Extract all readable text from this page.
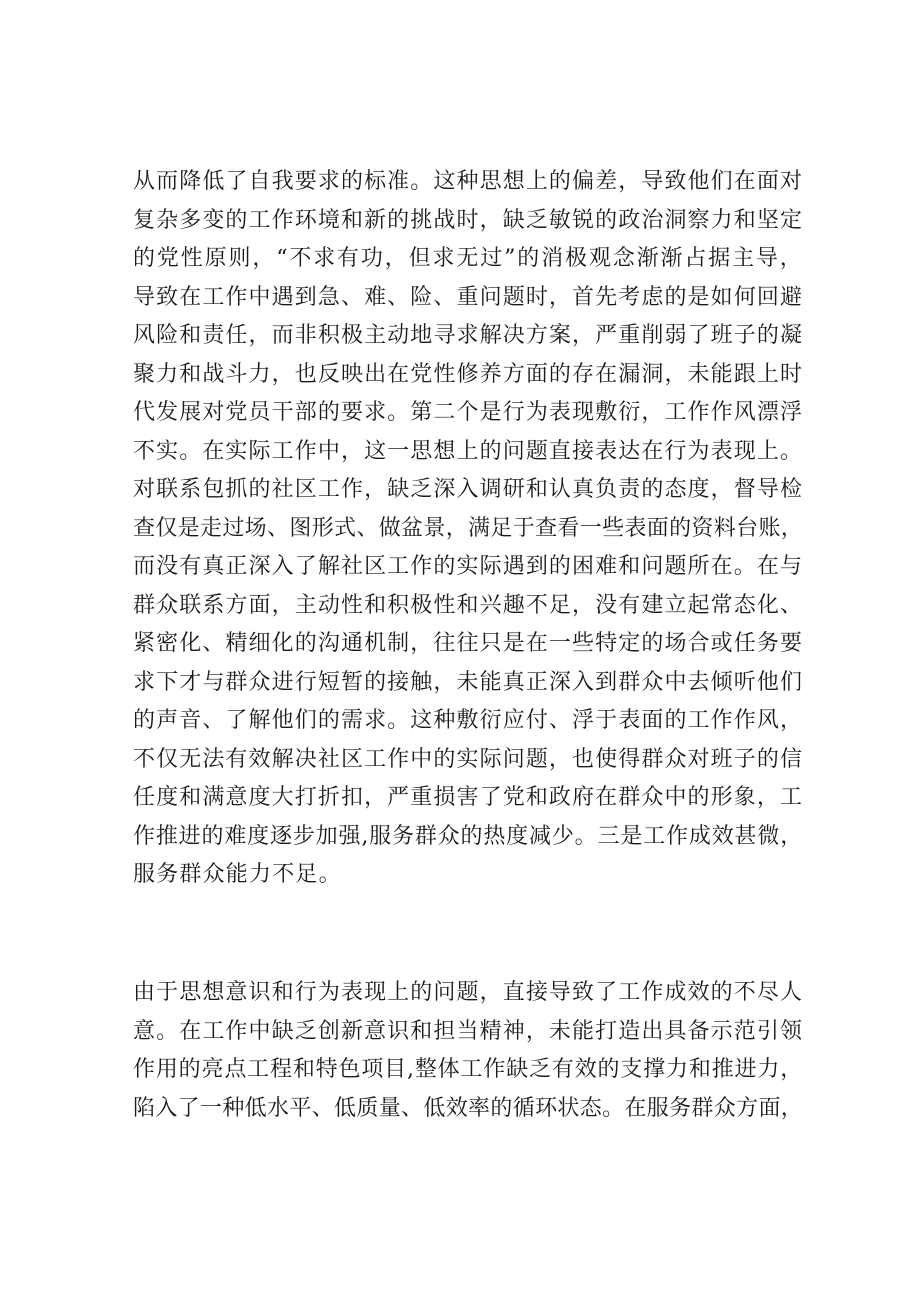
从而降低了自我要求的标准。这种思想上的偏差，导致他们在面对
复杂多变的工作环境和新的挑战时，缺乏敏锐的政治洞察力和坚定
的党性原则，“不求有功，但求无过”的消极观念渐渐占据主导，
导致在工作中遇到急、难、险、重问题时，首先考虑的是如何回避
风险和责任，而非积极主动地寻求解决方案，严重削弱了班子的凝
聚力和战斗力，也反映出在党性修养方面的存在漏洞，未能跟上时
代发展对党员干部的要求。第二个是行为表现敷衍，工作作风漂浮
不实。在实际工作中，这一思想上的问题直接表达在行为表现上。
对联系包抓的社区工作，缺乏深入调研和认真负责的态度，督导检
查仅是走过场、图形式、做盆景，满足于查看一些表面的资料台账，
而没有真正深入了解社区工作的实际遇到的困难和问题所在。在与
群众联系方面，主动性和积极性和兴趣不足，没有建立起常态化、
紧密化、精细化的沟通机制，往往只是在一些特定的场合或任务要
求下才与群众进行短暂的接触，未能真正深入到群众中去倾听他们
的声音、了解他们的需求。这种敷衍应付、浮于表面的工作作风，
不仅无法有效解决社区工作中的实际问题，也使得群众对班子的信
任度和满意度大打折扣，严重损害了党和政府在群众中的形象，工
作推进的难度逐步加强,服务群众的热度减少。三是工作成效甚微，
服务群众能力不足。
由于思想意识和行为表现上的问题，直接导致了工作成效的不尽人
意。在工作中缺乏创新意识和担当精神，未能打造出具备示范引领
作用的亮点工程和特色项目,整体工作缺乏有效的支撑力和推进力，
陷入了一种低水平、低质量、低效率的循环状态。在服务群众方面，
